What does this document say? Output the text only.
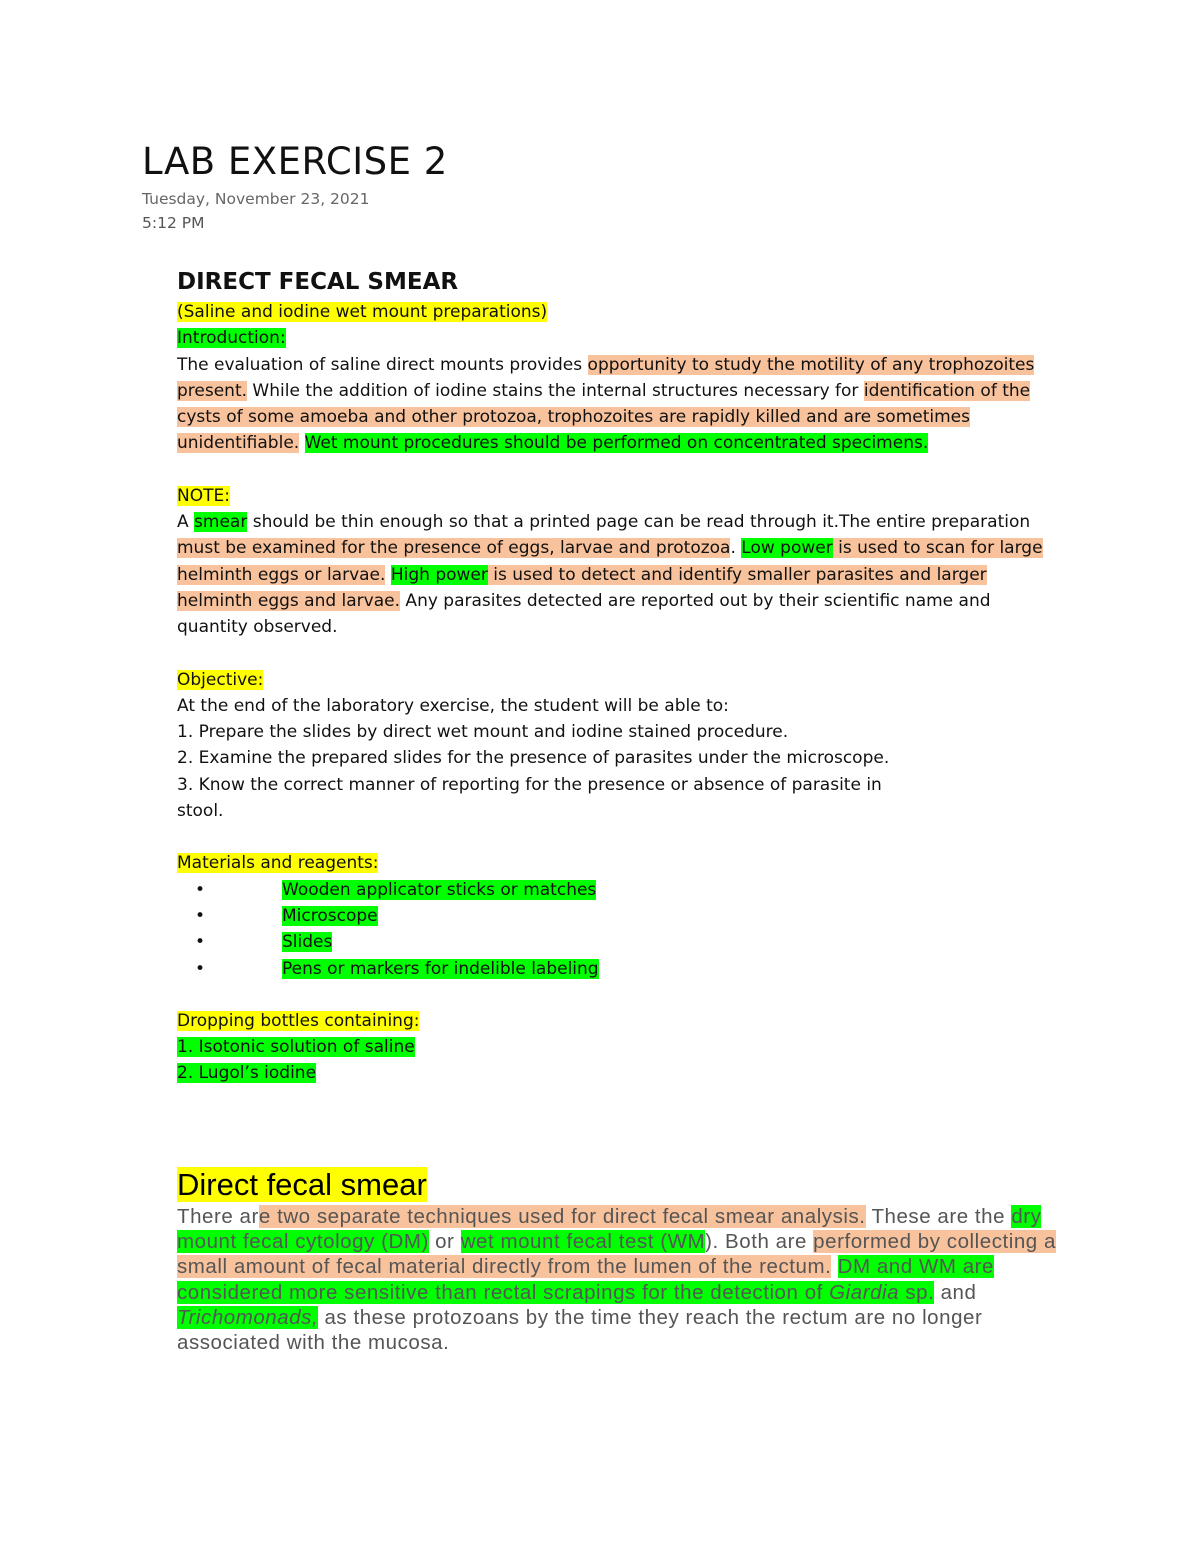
LAB EXERCISE 2
Tuesday, November 23, 2021
5:12 PM
DIRECT FECAL SMEAR

(Saline and iodine wet mount preparations)

Introduction:

The evaluation of saline direct mounts provides opportunity to study the motility of any trophozoites present. While the addition of iodine stains the internal structures necessary for identification of the cysts of some amoeba and other protozoa, trophozoites are rapidly killed and are sometimes unidentifiable. Wet mount procedures should be performed on concentrated specimens.

NOTE:

A smear should be thin enough so that a printed page can be read through it.The entire preparation must be examined for the presence of eggs, larvae and protozoa. Low power is used to scan for large helminth eggs or larvae. High power is used to detect and identify smaller parasites and larger helminth eggs and larvae. Any parasites detected are reported out by their scientific name and quantity observed.

Objective:

At the end of the laboratory exercise, the student will be able to:

1. Prepare the slides by direct wet mount and iodine stained procedure.

2. Examine the prepared slides for the presence of parasites under the microscope.

3. Know the correct manner of reporting for the presence or absence of parasite in stool.

Materials and reagents:

•	Wooden applicator sticks or matches
•	Microscope
•	Slides
•	Pens or markers for indelible labeling

Dropping bottles containing:

1. Isotonic solution of saline

2. Lugol’s iodine

Direct fecal smear

There are two separate techniques used for direct fecal smear analysis. These are the dry mount fecal cytology (DM) or wet mount fecal test (WM). Both are performed by collecting a small amount of fecal material directly from the lumen of the rectum. DM and WM are considered more sensitive than rectal scrapings for the detection of Giardia sp. and Trichomonads, as these protozoans by the time they reach the rectum are no longer associated with the mucosa.
